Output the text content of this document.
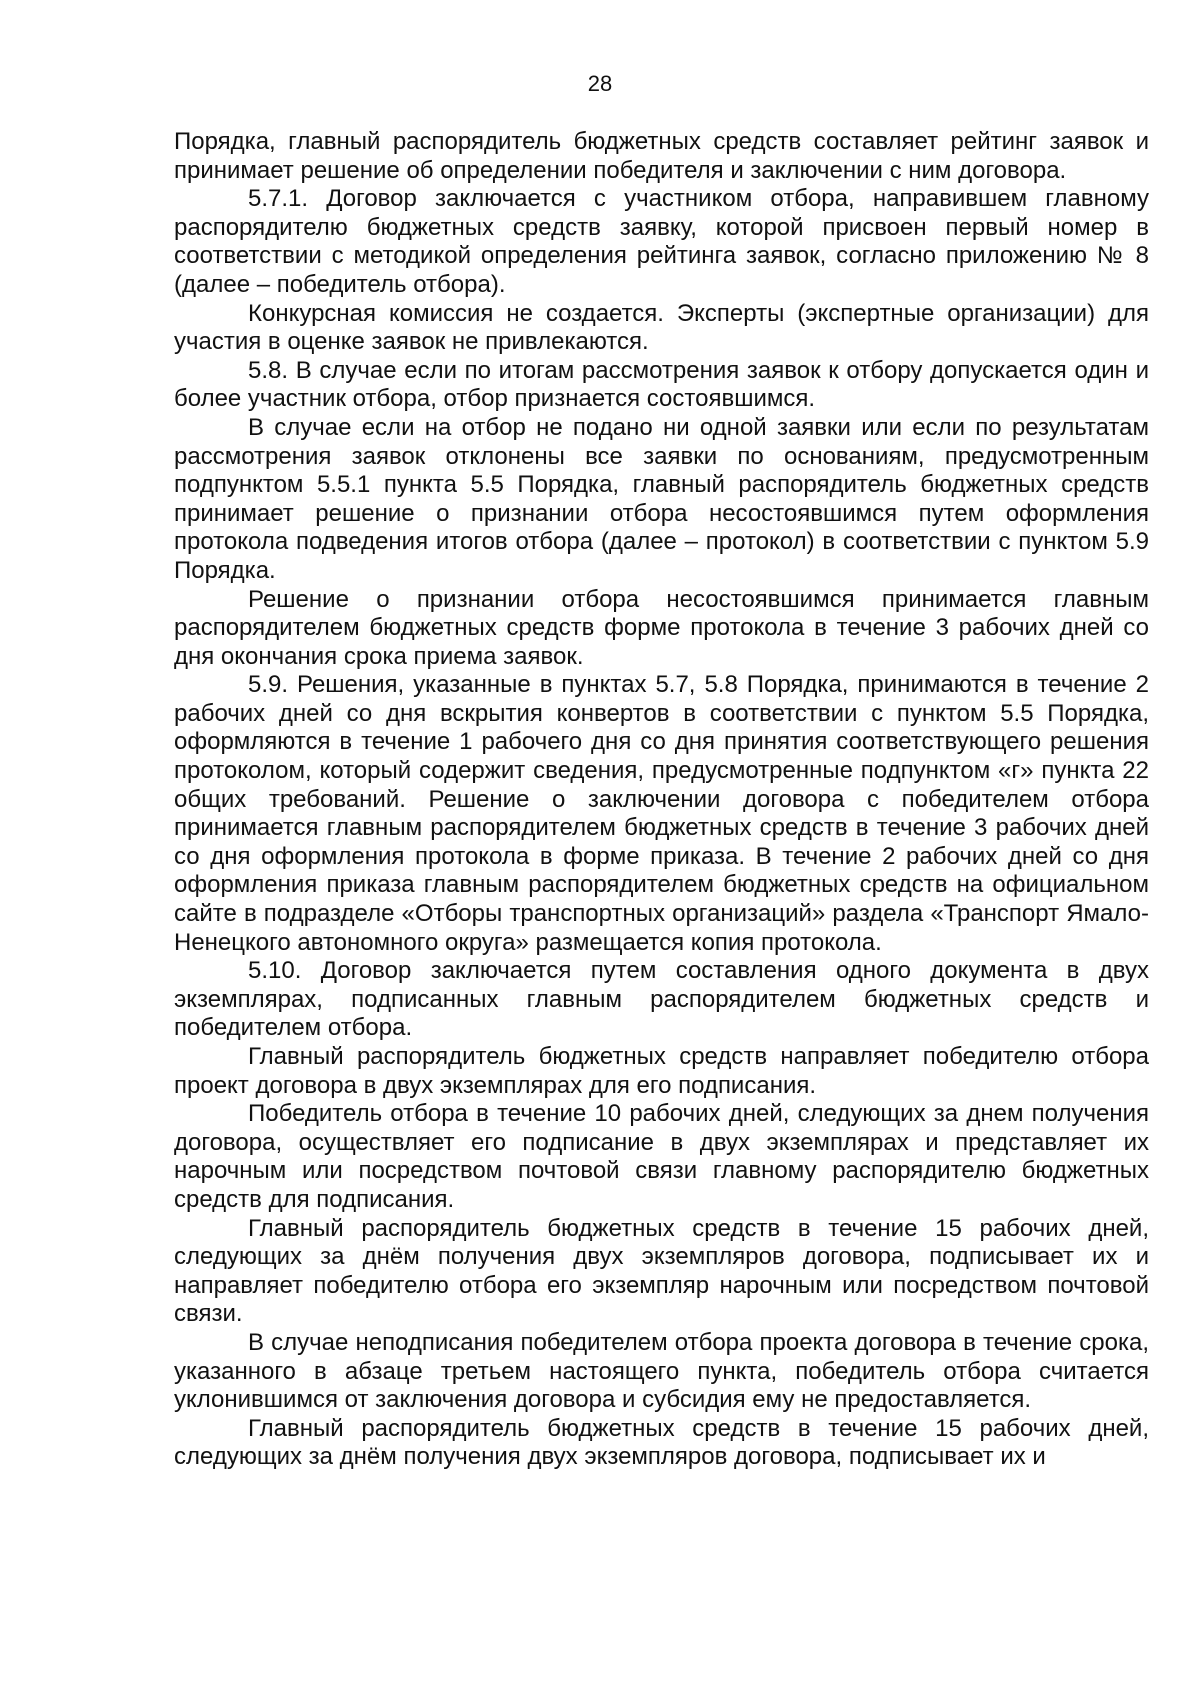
28

Порядка, главный распорядитель бюджетных средств составляет рейтинг заявок и принимает решение об определении победителя и заключении с ним договора.

5.7.1. Договор заключается с участником отбора, направившем главному распорядителю бюджетных средств заявку, которой присвоен первый номер в соответствии с методикой определения рейтинга заявок, согласно приложению № 8 (далее – победитель отбора).

Конкурсная комиссия не создается. Эксперты (экспертные организации) для участия в оценке заявок не привлекаются.

5.8. В случае если по итогам рассмотрения заявок к отбору допускается один и более участник отбора, отбор признается состоявшимся.

В случае если на отбор не подано ни одной заявки или если по результатам рассмотрения заявок отклонены все заявки по основаниям, предусмотренным подпунктом 5.5.1 пункта 5.5 Порядка, главный распорядитель бюджетных средств принимает решение о признании отбора несостоявшимся путем оформления протокола подведения итогов отбора (далее – протокол) в соответствии с пунктом 5.9 Порядка.

Решение о признании отбора несостоявшимся принимается главным распорядителем бюджетных средств форме протокола в течение 3 рабочих дней со дня окончания срока приема заявок.

5.9. Решения, указанные в пунктах 5.7, 5.8 Порядка, принимаются в течение 2 рабочих дней со дня вскрытия конвертов в соответствии с пунктом 5.5 Порядка, оформляются в течение 1 рабочего дня со дня принятия соответствующего решения протоколом, который содержит сведения, предусмотренные подпунктом «г» пункта 22 общих требований. Решение о заключении договора с победителем отбора принимается главным распорядителем бюджетных средств в течение 3 рабочих дней со дня оформления протокола в форме приказа. В течение 2 рабочих дней со дня оформления приказа главным распорядителем бюджетных средств на официальном сайте в подразделе «Отборы транспортных организаций» раздела «Транспорт Ямало-Ненецкого автономного округа» размещается копия протокола.

5.10. Договор заключается путем составления одного документа в двух экземплярах, подписанных главным распорядителем бюджетных средств и победителем отбора.

Главный распорядитель бюджетных средств направляет победителю отбора проект договора в двух экземплярах для его подписания.

Победитель отбора в течение 10 рабочих дней, следующих за днем получения договора, осуществляет его подписание в двух экземплярах и представляет их нарочным или посредством почтовой связи главному распорядителю бюджетных средств для подписания.

Главный распорядитель бюджетных средств в течение 15 рабочих дней, следующих за днём получения двух экземпляров договора, подписывает их и направляет победителю отбора его экземпляр нарочным или посредством почтовой связи.

В случае неподписания победителем отбора проекта договора в течение срока, указанного в абзаце третьем настоящего пункта, победитель отбора считается уклонившимся от заключения договора и субсидия ему не предоставляется.

Главный распорядитель бюджетных средств в течение 15 рабочих дней, следующих за днём получения двух экземпляров договора, подписывает их и
